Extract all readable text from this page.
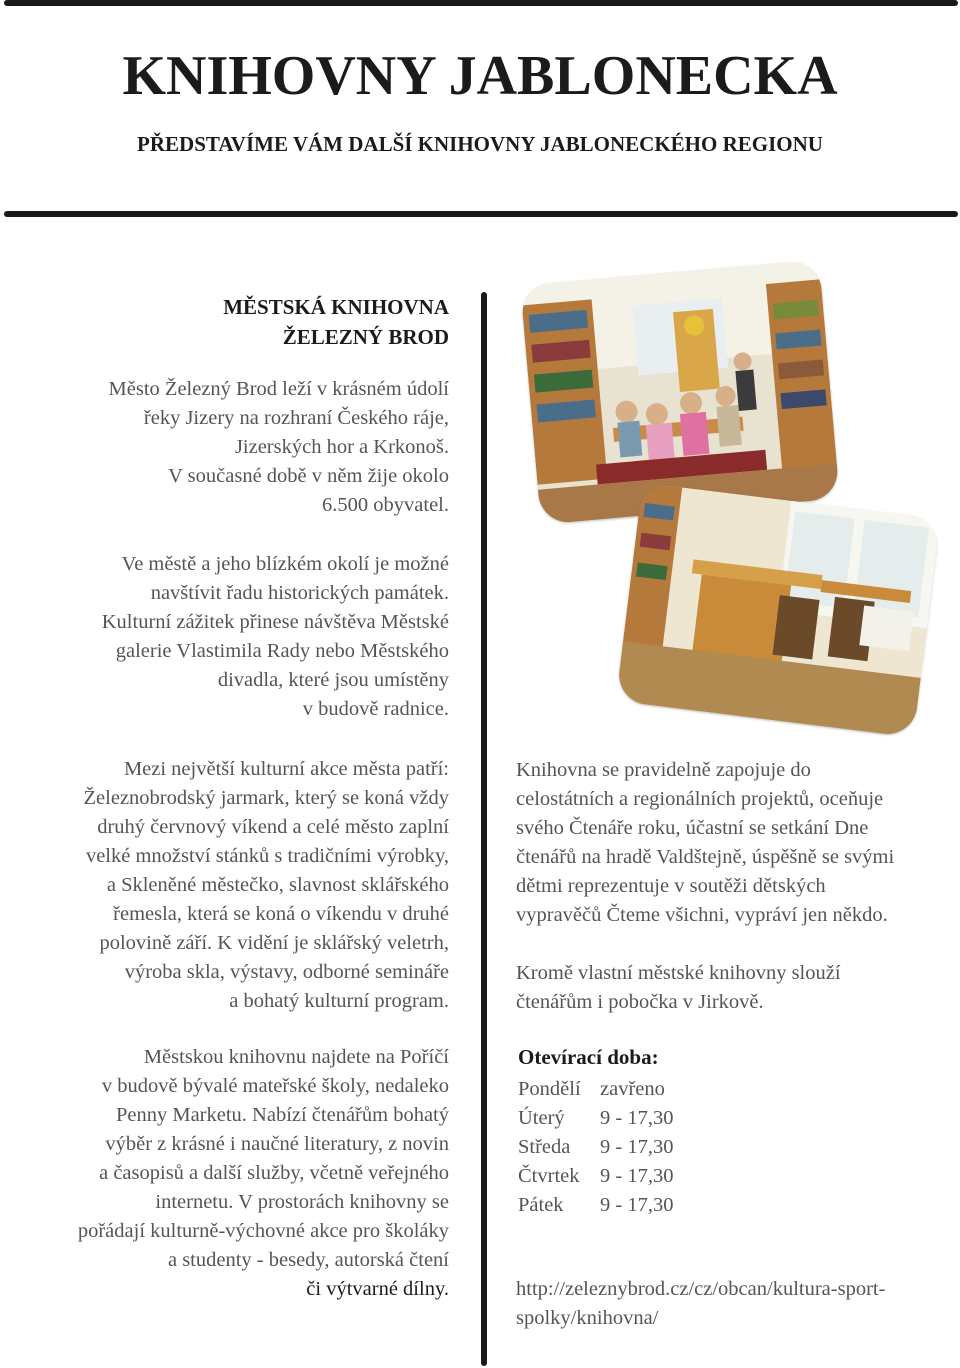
KNIHOVNY JABLONECKA
PŘEDSTAVÍME VÁM DALŠÍ KNIHOVNY JABLONECKÉHO REGIONU
MĚSTSKÁ KNIHOVNA
ŽELEZNÝ BROD

Město Železný Brod leží v krásném údolí

řeky Jizery na rozhraní Českého ráje,

Jizerských hor a Krkonoš.

V současné době v něm žije okolo

6.500 obyvatel.

Ve městě a jeho blízkém okolí je možné

navštívit řadu historických památek.

Kulturní zážitek přinese návštěva Městské

galerie Vlastimila Rady nebo Městského

divadla, které jsou umístěny

v budově radnice.

Mezi největší kulturní akce města patří:

Železnobrodský jarmark, který se koná vždy

druhý červnový víkend a celé město zaplní

velké množství stánků s tradičními výrobky,

a Skleněné městečko, slavnost sklářského

řemesla, která se koná o víkendu v druhé

polovině září. K vidění je sklářský veletrh,

výroba skla, výstavy, odborné semináře

a bohatý kulturní program.

Městskou knihovnu najdete na Poříčí

v budově bývalé mateřské školy, nedaleko

Penny Marketu. Nabízí čtenářům bohatý

výběr z krásné i naučné literatury, z novin

a časopisů a další služby, včetně veřejného

internetu. V prostorách knihovny se

pořádají kulturně-výchovné akce pro školáky

a studenty - besedy, autorská čtení

či výtvarné dílny.

Knihovna se pravidelně zapojuje do

celostátních a regionálních projektů, oceňuje

svého Čtenáře roku, účastní se setkání Dne

čtenářů na hradě Valdštejně, úspěšně se svými

dětmi reprezentuje v soutěži dětských

vypravěčů Čteme všichni, vypráví jen někdo.

Kromě vlastní městské knihovny slouží

čtenářům i pobočka v Jirkově.

Otevírací doba:
Pondělí zavřeno
Úterý	9 - 17,30
Středa	9 - 17,30
Čtvrtek	9 - 17,30
Pátek	9 - 17,30
http://zeleznybrod.cz/cz/obcan/kultura-sport-
spolky/knihovna/
